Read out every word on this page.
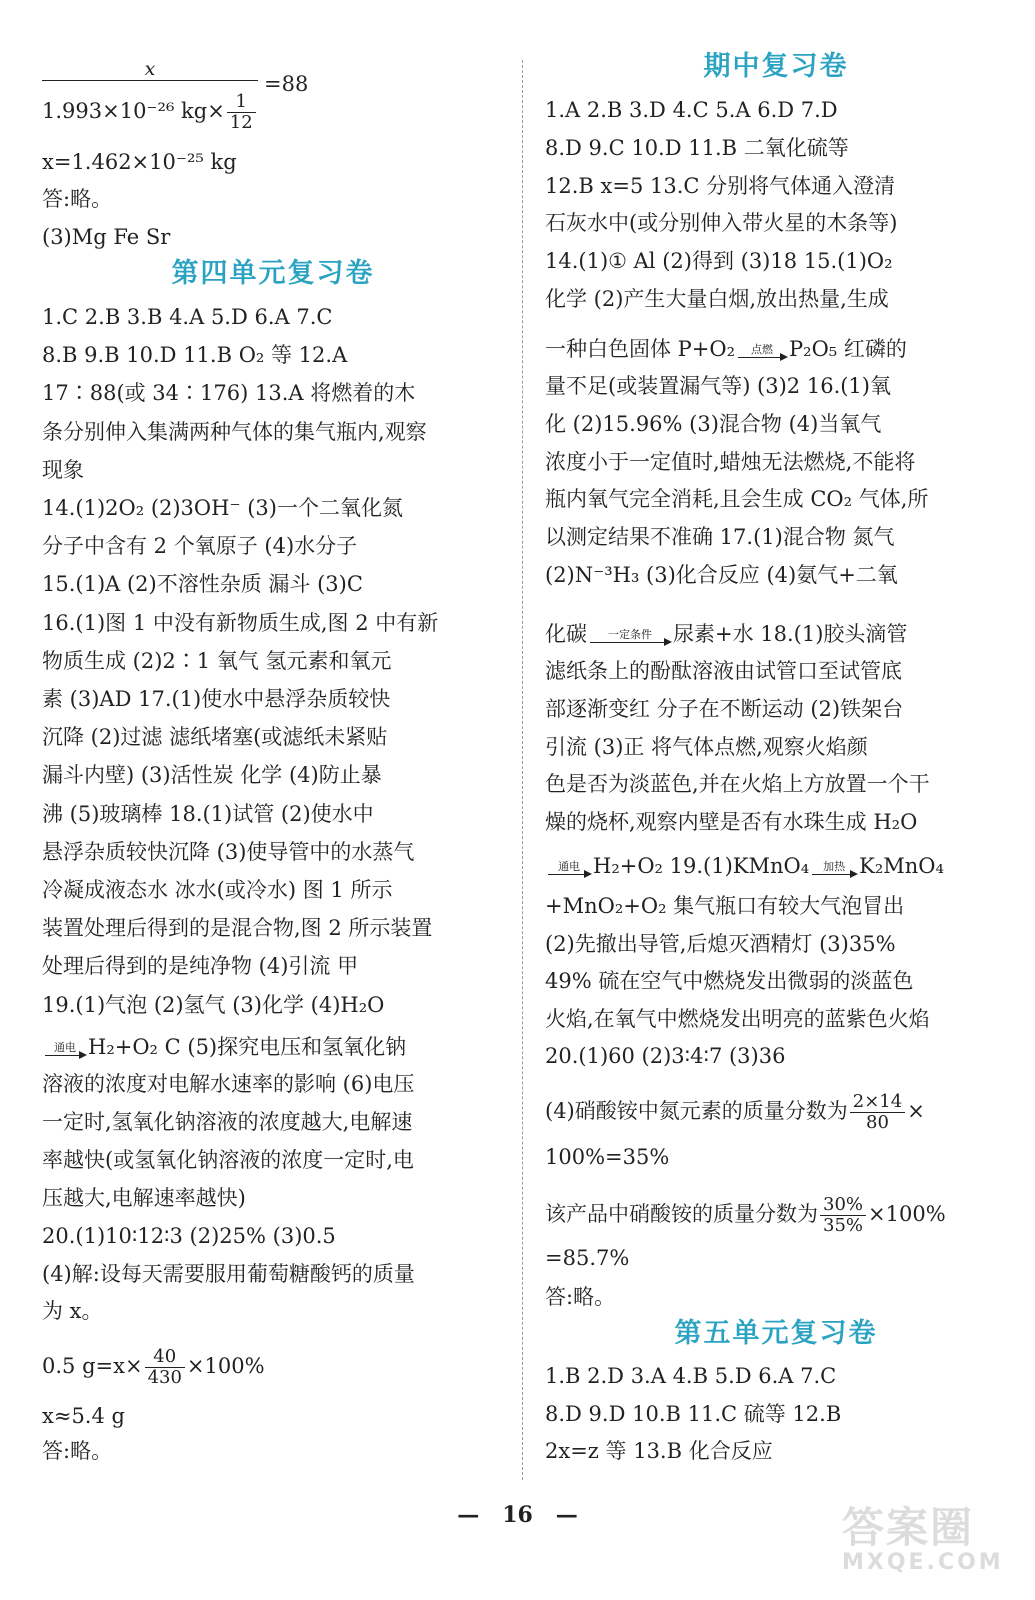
x
=88
1.993×10⁻²⁶ $kg\times \frac{1}{12}$
x=1.462×10⁻²⁵ kg
答:略。
(3)Mg Fe Sr
第四单元复习卷
1.C 2.B 3.B 4.A 5.D 6.A 7.C
8.B 9.B 10.D 11.B O₂ 等 12.A
17∶88(或 34∶176) 13.A 将燃着的木
条分别伸入集满两种气体的集气瓶内,观察
现象
14.(1)2O₂ (2)3OH⁻ (3)一个二氧化氮
分子中含有 2 个氧原子 (4)水分子
15.(1)A (2)不溶性杂质 漏斗 (3)C
16.(1)图 1 中没有新物质生成,图 2 中有新
物质生成 (2)2∶1 氧气 氢元素和氧元
素 (3)AD 17.(1)使水中悬浮杂质较快
沉降 (2)过滤 滤纸堵塞(或滤纸未紧贴
漏斗内壁) (3)活性炭 化学 (4)防止暴
沸 (5)玻璃棒 18.(1)试管 (2)使水中
悬浮杂质较快沉降 (3)使导管中的水蒸气
冷凝成液态水 冰水(或冷水) 图 1 所示
装置处理后得到的是混合物,图 2 所示装置
处理后得到的是纯净物 (4)引流 甲
19.(1)气泡 (2)氢气 (3)化学 (4)H₂O
通电 H₂+O₂ C (5)探究电压和氢氧化钠
溶液的浓度对电解水速率的影响 (6)电压
一定时,氢氧化钠溶液的浓度越大,电解速
率越快(或氢氧化钠溶液的浓度一定时,电
压越大,电解速率越快)
20.(1)10∶12∶3 (2)25% (3)0.5
(4)解:设每天需要服用葡萄糖酸钙的质量
为 x。
0.5 $g=x\times \frac{40}{430} \times 100\%$
x≈5.4 g
答:略。
期中复习卷
1.A 2.B 3.D 4.C 5.A 6.D 7.D
8.D 9.C 10.D 11.B 二氧化硫等
12.B x=5 13.C 分别将气体通入澄清
石灰水中(或分别伸入带火星的木条等)
14.(1)① Al (2)得到 (3)18 15.(1)O₂
化学 (2)产生大量白烟,放出热量,生成
一种白色固体 P+O₂	点燃 P₂O₅ 红磷的
量不足(或装置漏气等) (3)2 16.(1)氧
化 (2)15.96% (3)混合物 (4)当氧气
浓度小于一定值时,蜡烛无法燃烧,不能将
瓶内氧气完全消耗,且会生成 CO₂ 气体,所
以测定结果不准确 17.(1)混合物 氮气
(2)N⁻³H₃ (3)化合反应 (4)氨气+二氧
化碳	一定条件	尿素+水 18.(1)胶头滴管
滤纸条上的酚酞溶液由试管口至试管底
部逐渐变红 分子在不断运动 (2)铁架台
引流 (3)正 将气体点燃,观察火焰颜
色是否为淡蓝色,并在火焰上方放置一个干
燥的烧杯,观察内壁是否有水珠生成 H₂O
通电 H₂+O₂ 19.(1)KMnO₄	加热 K₂MnO₄
+MnO₂+O₂ 集气瓶口有较大气泡冒出
(2)先撤出导管,后熄灭酒精灯 (3)35%
49% 硫在空气中燃烧发出微弱的淡蓝色
火焰,在氧气中燃烧发出明亮的蓝紫色火焰
20.(1)60 (2)3∶4∶7 (3)36
(4)硝酸铵中氮元素的质量分数为 $\frac{2\times 14}{80}$ ×
100%=35%
该产品中硝酸铵的质量分数为 $\frac{30\%}{35\%} \times 100\%$
=85.7%
答:略。
第五单元复习卷
1.B 2.D 3.A 4.B 5.D 6.A 7.C
8.D 9.D 10.B 11.C 硫等 12.B
2x=z 等 13.B 化合反应
— 16 —	答案圈
MXQE.COM
